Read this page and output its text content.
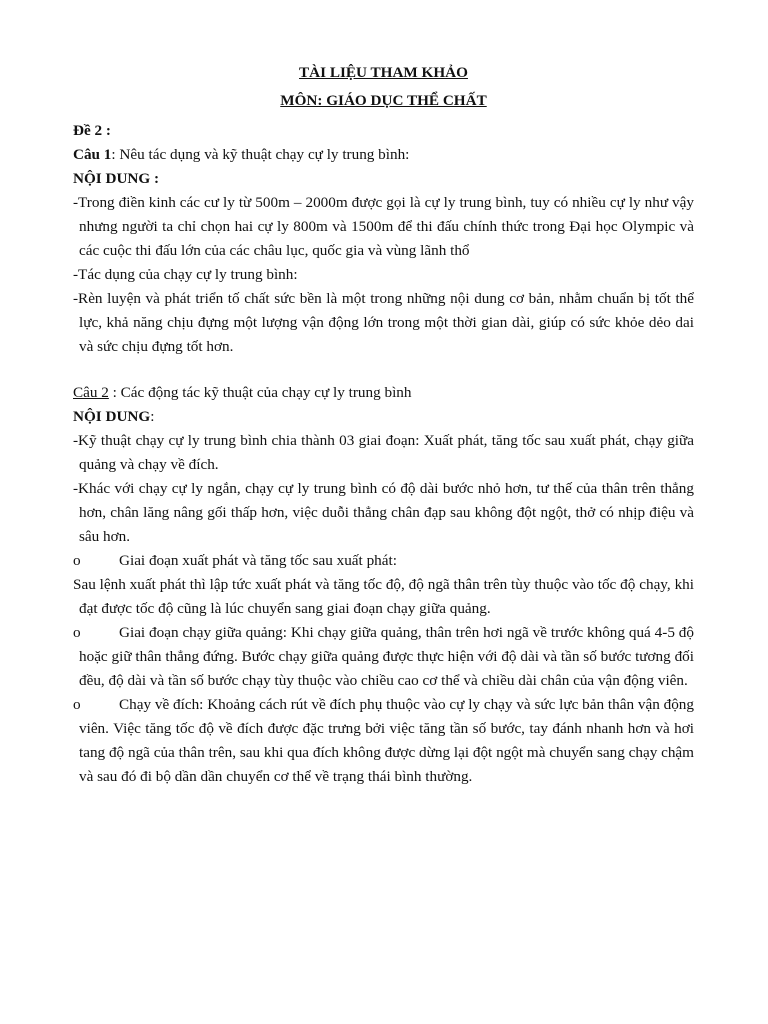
TÀI LIỆU THAM KHẢO

MÔN: GIÁO DỤC THỂ CHẤT

Đề 2 :

Câu 1: Nêu tác dụng và kỹ thuật chạy cự ly trung bình:

NỘI DUNG :

-Trong điền kinh các cư ly từ 500m – 2000m được gọi là cự ly trung bình, tuy có nhiều cự ly như vậy nhưng người ta chỉ chọn hai cự ly 800m và 1500m để thi đấu chính thức trong Đại học Olympic và các cuộc thi đấu lớn của các châu lục, quốc gia và vùng lãnh thổ

-Tác dụng của chạy cự ly trung bình:

-Rèn luyện và phát triển tố chất sức bền là một trong những nội dung cơ bản, nhằm chuẩn bị tốt thể lực, khả năng chịu đựng một lượng vận động lớn trong một thời gian dài, giúp có sức khỏe dẻo dai và sức chịu đựng tốt hơn.

Câu 2 : Các động tác kỹ thuật của chạy cự ly trung bình

NỘI DUNG:

-Kỹ thuật chạy cự ly trung bình chia thành 03 giai đoạn: Xuất phát, tăng tốc sau xuất phát, chạy giữa quảng và chạy về đích.

-Khác với chạy cự ly ngắn, chạy cự ly trung bình có độ dài bước nhỏ hơn, tư thế của thân trên thẳng hơn, chân lăng nâng gối thấp hơn, việc duỗi thẳng chân đạp sau không đột ngột, thở có nhịp điệu và sâu hơn.

o	Giai đoạn xuất phát và tăng tốc sau xuất phát:

Sau lệnh xuất phát thì lập tức xuất phát và tăng tốc độ, độ ngã thân trên tùy thuộc vào tốc độ chạy, khi đạt được tốc độ cũng là lúc chuyển sang giai đoạn chạy giữa quảng.

o	Giai đoạn chạy giữa quảng: Khi chạy giữa quảng, thân trên hơi ngã về trước không quá 4-5 độ hoặc giữ thân thẳng đứng. Bước chạy giữa quảng được thực hiện với độ dài và tần số bước tương đối đều, độ dài và tần số bước chạy tùy thuộc vào chiều cao cơ thể và chiều dài chân của vận động viên.

o	Chạy về đích: Khoảng cách rút về đích phụ thuộc vào cự ly chạy và sức lực bản thân vận động viên. Việc tăng tốc độ về đích được đặc trưng bởi việc tăng tần số bước, tay đánh nhanh hơn và hơi tang độ ngã của thân trên, sau khi qua đích không được dừng lại đột ngột mà chuyển sang chạy chậm và sau đó đi bộ dần dần chuyển cơ thể về trạng thái bình thường.
